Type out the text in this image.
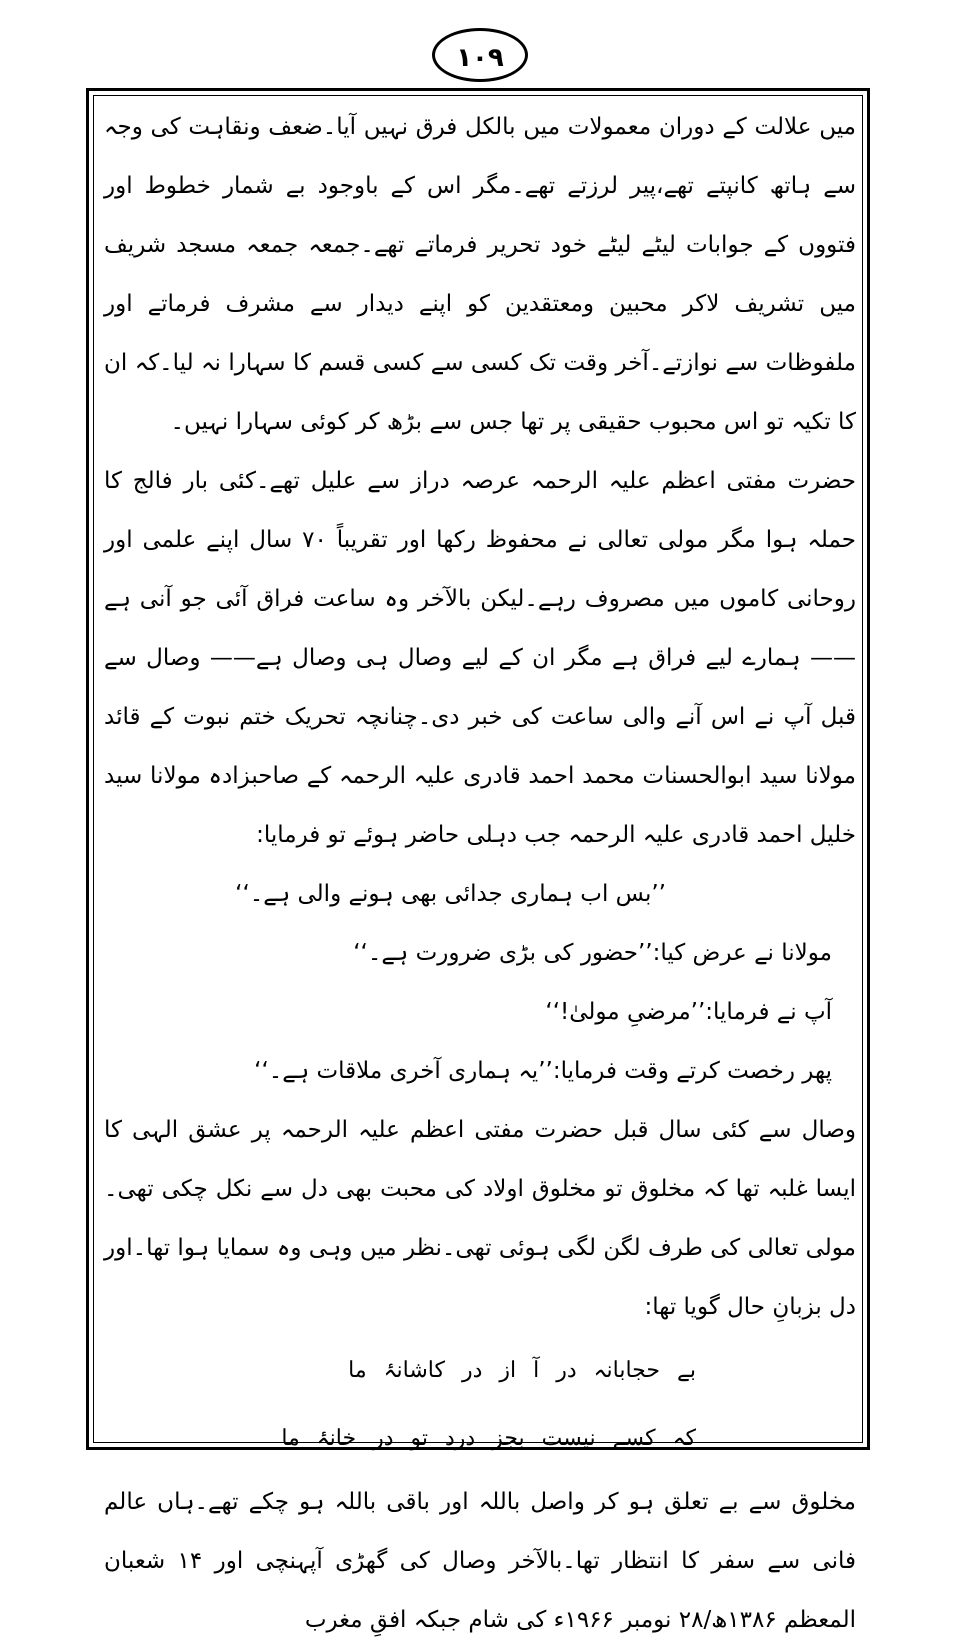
۱۰۹

میں علالت کے دوران معمولات میں بالکل فرق نہیں آیا۔ضعف ونقاہت کی وجہ سے ہاتھ کانپتے تھے،پیر لرزتے تھے۔مگر اس کے باوجود بے شمار خطوط اور فتووں کے جوابات لیٹے لیٹے خود تحریر فرماتے تھے۔جمعہ جمعہ مسجد شریف میں تشریف لاکر محبین ومعتقدین کو اپنے دیدار سے مشرف فرماتے اور ملفوظات سے نوازتے۔آخر وقت تک کسی سے کسی قسم کا سہارا نہ لیا۔کہ ان کا تکیہ تو اس محبوب حقیقی پر تھا جس سے بڑھ کر کوئی سہارا نہیں۔

حضرت مفتی اعظم علیہ الرحمہ عرصہ دراز سے علیل تھے۔کئی بار فالج کا حملہ ہوا مگر مولی تعالی نے محفوظ رکھا اور تقریباً ۷۰ سال اپنے علمی اور روحانی کاموں میں مصروف رہے۔لیکن بالآخر وہ ساعت فراق آئی جو آنی ہے—— ہمارے لیے فراق ہے مگر ان کے لیے وصال ہی وصال ہے—— وصال سے قبل آپ نے اس آنے والی ساعت کی خبر دی۔چنانچہ تحریک ختم نبوت کے قائد مولانا سید ابوالحسنات محمد احمد قادری علیہ الرحمہ کے صاحبزادہ مولانا سید خلیل احمد قادری علیہ الرحمہ جب دہلی حاضر ہوئے تو فرمایا:

’’بس اب ہماری جدائی بھی ہونے والی ہے۔‘‘

مولانا نے عرض کیا:’’حضور کی بڑی ضرورت ہے۔‘‘

آپ نے فرمایا:’’مرضیِ مولیٰ!‘‘

پھر رخصت کرتے وقت فرمایا:’’یہ ہماری آخری ملاقات ہے۔‘‘

وصال سے کئی سال قبل حضرت مفتی اعظم علیہ الرحمہ پر عشق الہی کا ایسا غلبہ تھا کہ مخلوق تو مخلوق اولاد کی محبت بھی دل سے نکل چکی تھی۔مولی تعالی کی طرف لگن لگی ہوئی تھی۔نظر میں وہی وہ سمایا ہوا تھا۔اور دل بزبانِ حال گویا تھا:

بے حجابانہ در آ از در کاشانۂ ما

کہ کسے نیست بجز درد تو در خانۂ ما

مخلوق سے بے تعلق ہو کر واصل باللہ اور باقی باللہ ہو چکے تھے۔ہاں عالم فانی سے سفر کا انتظار تھا۔بالآخر وصال کی گھڑی آپہنچی اور ۱۴ شعبان المعظم ۱۳۸۶ھ/۲۸ نومبر ۱۹۶۶ء کی شام جبکہ افقِ مغرب
